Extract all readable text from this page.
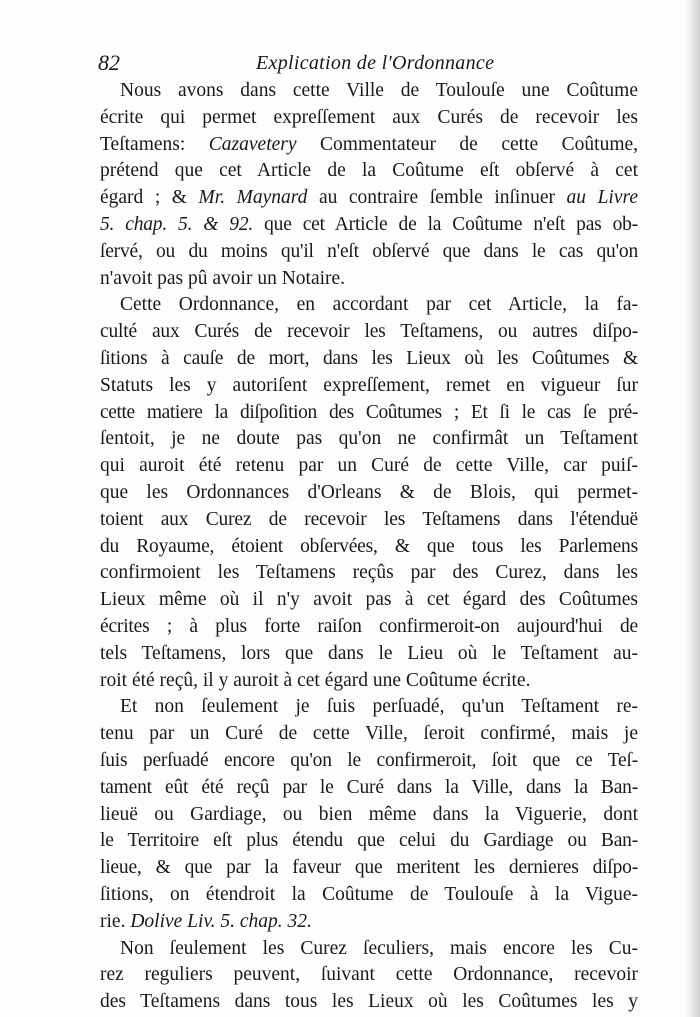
82	Explication de l'Ordonnance
Nous avons dans cette Ville de Toulouſe une Coûtume
écrite qui permet expreſſement aux Curés de recevoir les
Teſtamens: Cazavetery Commentateur de cette Coûtume,
prétend que cet Article de la Coûtume eſt obſervé à cet
égard ; & Mr. Maynard au contraire ſemble inſinuer au Livre
5. chap. 5. & 92. que cet Article de la Coûtume n'eſt pas ob-
ſervé, ou du moins qu'il n'eſt obſervé que dans le cas qu'on
n'avoit pas pû avoir un Notaire.
Cette Ordonnance, en accordant par cet Article, la fa-
culté aux Curés de recevoir les Teſtamens, ou autres diſpo-
ſitions à cauſe de mort, dans les Lieux où les Coûtumes &
Statuts les y autoriſent expreſſement, remet en vigueur ſur
cette matiere la diſpoſition des Coûtumes ; Et ſi le cas ſe pré-
ſentoit, je ne doute pas qu'on ne confirmât un Teſtament
qui auroit été retenu par un Curé de cette Ville, car puiſ-
que les Ordonnances d'Orleans & de Blois, qui permet-
toient aux Curez de recevoir les Teſtamens dans l'étenduë
du Royaume, étoient obſervées, & que tous les Parlemens
confirmoient les Teſtamens reçûs par des Curez, dans les
Lieux même où il n'y avoit pas à cet égard des Coûtumes
écrites ; à plus forte raiſon confirmeroit-on aujourd'hui de
tels Teſtamens, lors que dans le Lieu où le Teſtament au-
roit été reçû, il y auroit à cet égard une Coûtume écrite.
Et non ſeulement je ſuis perſuadé, qu'un Teſtament re-
tenu par un Curé de cette Ville, ſeroit confirmé, mais je
ſuis perſuadé encore qu'on le confirmeroit, ſoit que ce Teſ-
tament eût été reçû par le Curé dans la Ville, dans la Ban-
lieuë ou Gardiage, ou bien même dans la Viguerie, dont
le Territoire eſt plus étendu que celui du Gardiage ou Ban-
lieue, & que par la faveur que meritent les dernieres diſpo-
ſitions, on étendroit la Coûtume de Toulouſe à la Vigue-
rie. Dolive Liv. 5. chap. 32.
Non ſeulement les Curez ſeculiers, mais encore les Cu-
rez reguliers peuvent, ſuivant cette Ordonnance, recevoir
des Teſtamens dans tous les Lieux où les Coûtumes les y
